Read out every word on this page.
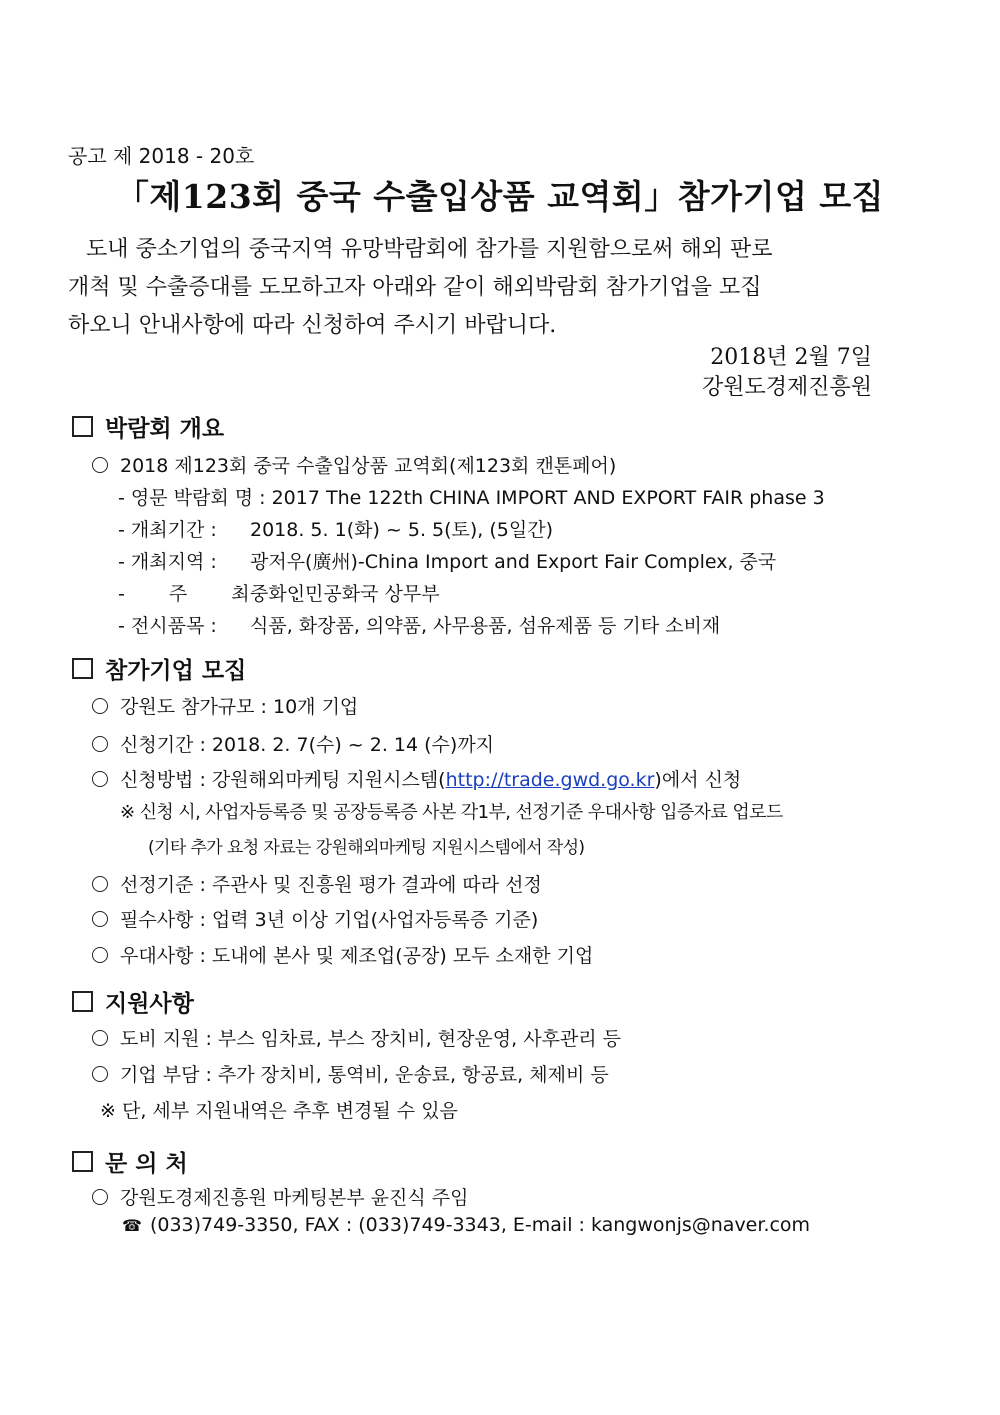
공고 제 2018 - 20호
「제123회 중국 수출입상품 교역회」참가기업 모집
도내 중소기업의 중국지역 유망박람회에 참가를 지원함으로써 해외 판로
개척 및 수출증대를 도모하고자 아래와 같이 해외박람회 참가기업을 모집
하오니 안내사항에 따라 신청하여 주시기 바랍니다.
2018년 2월 7일
강원도경제진흥원
박람회 개요
2018 제123회 중국 수출입상품 교역회(제123회 캔톤페어)
- 영문 박람회 명 : 2017 The 122th CHINA IMPORT AND EXPORT FAIR phase 3
- 개최기간 : 2018. 5. 1(화) ~ 5. 5(토), (5일간)
- 개최지역 : 광저우(廣州)-China Import and Export Fair Complex, 중국
- 주 최 :중화인민공화국 상무부
- 전시품목 : 식품, 화장품, 의약품, 사무용품, 섬유제품 등 기타 소비재
참가기업 모집
강원도 참가규모 : 10개 기업
신청기간 : 2018. 2. 7(수) ~ 2. 14 (수)까지
신청방법 : 강원해외마케팅 지원시스템(http://trade.gwd.go.kr)에서 신청
※ 신청 시, 사업자등록증 및 공장등록증 사본 각1부, 선정기준 우대사항 입증자료 업로드
(기타 추가 요청 자료는 강원해외마케팅 지원시스템에서 작성)
선정기준 : 주관사 및 진흥원 평가 결과에 따라 선정
필수사항 : 업력 3년 이상 기업(사업자등록증 기준)
우대사항 : 도내에 본사 및 제조업(공장) 모두 소재한 기업
지원사항
도비 지원 : 부스 임차료, 부스 장치비, 현장운영, 사후관리 등
기업 부담 : 추가 장치비, 통역비, 운송료, 항공료, 체제비 등
※ 단, 세부 지원내역은 추후 변경될 수 있음
문 의 처
강원도경제진흥원 마케팅본부 윤진식 주임
☎ (033)749-3350, FAX : (033)749-3343, E-mail : kangwonjs@naver.com
